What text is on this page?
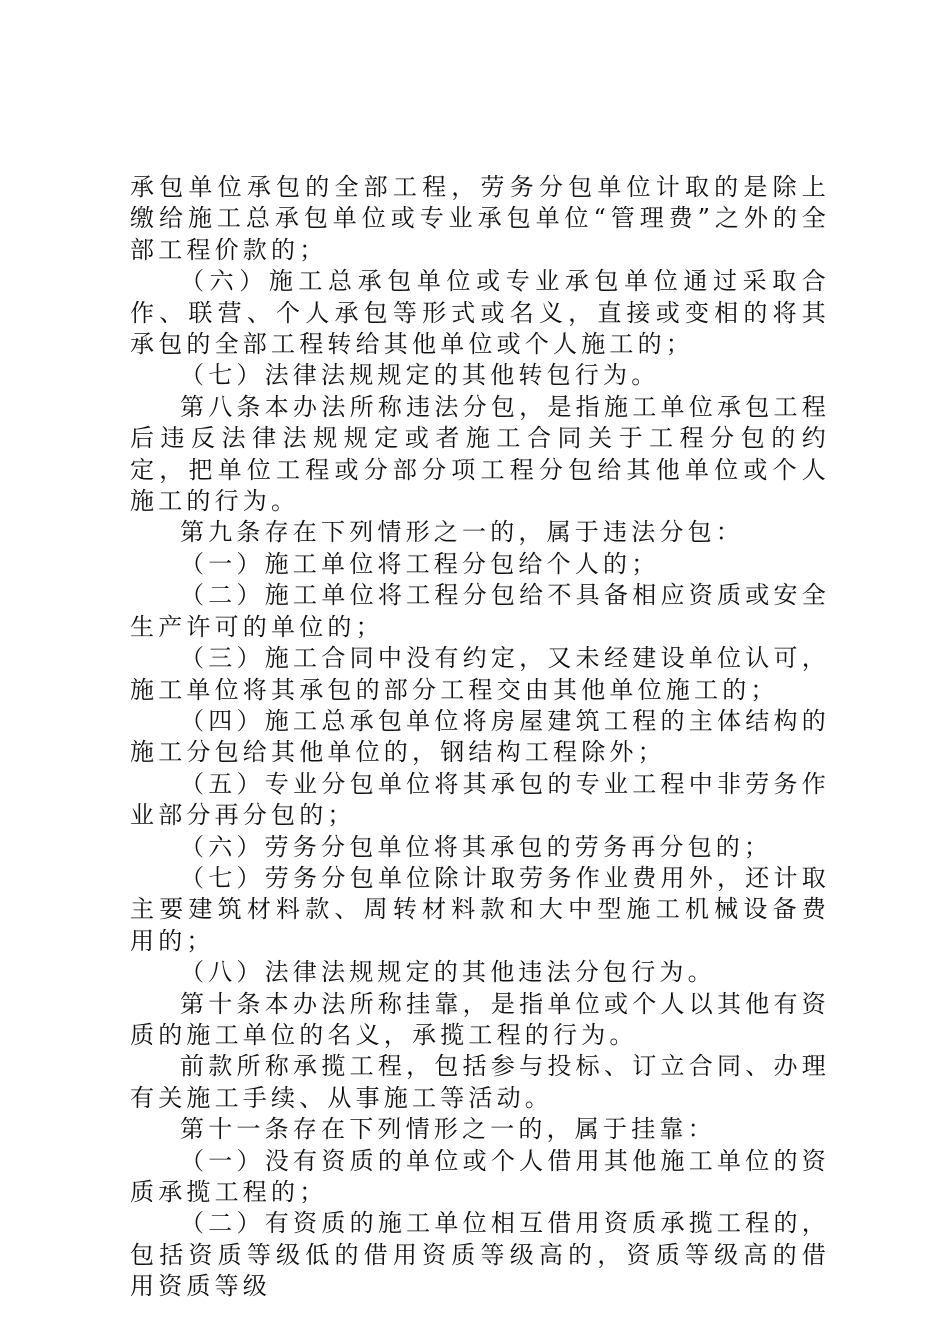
承包单位承包的全部工程，劳务分包单位计取的是除上缴给施工总承包单位或专业承包单位“管理费”之外的全部工程价款的；

（六）施工总承包单位或专业承包单位通过采取合作、联营、个人承包等形式或名义，直接或变相的将其承包的全部工程转给其他单位或个人施工的；

（七）法律法规规定的其他转包行为。

第八条本办法所称违法分包，是指施工单位承包工程后违反法律法规规定或者施工合同关于工程分包的约定，把单位工程或分部分项工程分包给其他单位或个人施工的行为。

第九条存在下列情形之一的，属于违法分包：

（一）施工单位将工程分包给个人的；

（二）施工单位将工程分包给不具备相应资质或安全生产许可的单位的；

（三）施工合同中没有约定，又未经建设单位认可，施工单位将其承包的部分工程交由其他单位施工的；

（四）施工总承包单位将房屋建筑工程的主体结构的施工分包给其他单位的，钢结构工程除外；

（五）专业分包单位将其承包的专业工程中非劳务作业部分再分包的；

（六）劳务分包单位将其承包的劳务再分包的；

（七）劳务分包单位除计取劳务作业费用外，还计取主要建筑材料款、周转材料款和大中型施工机械设备费用的；

（八）法律法规规定的其他违法分包行为。

第十条本办法所称挂靠，是指单位或个人以其他有资质的施工单位的名义，承揽工程的行为。

前款所称承揽工程，包括参与投标、订立合同、办理有关施工手续、从事施工等活动。

第十一条存在下列情形之一的，属于挂靠：

（一）没有资质的单位或个人借用其他施工单位的资质承揽工程的；

（二）有资质的施工单位相互借用资质承揽工程的，包括资质等级低的借用资质等级高的，资质等级高的借用资质等级
